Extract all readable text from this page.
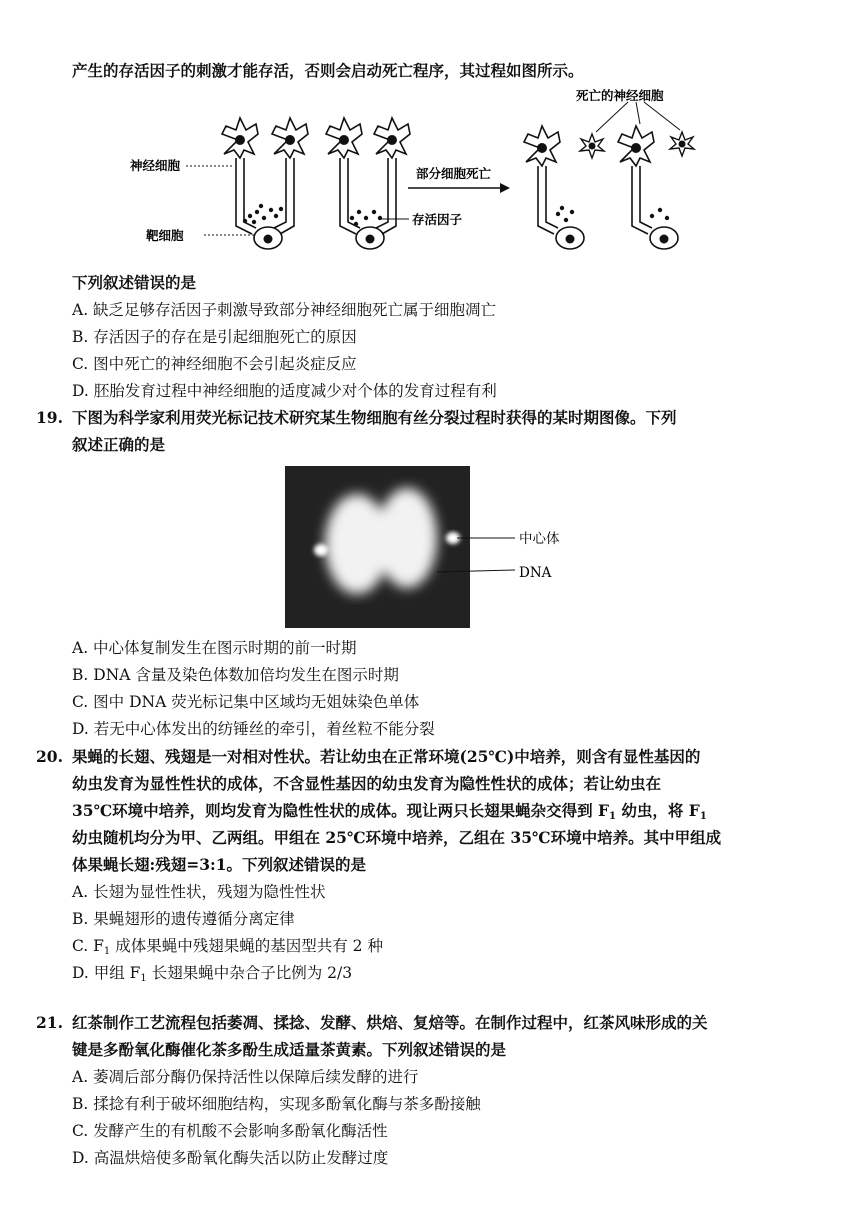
产生的存活因子的刺激才能存活，否则会启动死亡程序，其过程如图所示。
部分细胞死亡
死亡的神经细胞
神经细胞
靶细胞
存活因子
下列叙述错误的是
A. 缺乏足够存活因子刺激导致部分神经细胞死亡属于细胞凋亡
B. 存活因子的存在是引起细胞死亡的原因
C. 图中死亡的神经细胞不会引起炎症反应
D. 胚胎发育过程中神经细胞的适度减少对个体的发育过程有利
19. 下图为科学家利用荧光标记技术研究某生物细胞有丝分裂过程时获得的某时期图像。下列
叙述正确的是
中心体
DNA
A. 中心体复制发生在图示时期的前一时期
B. DNA 含量及染色体数加倍均发生在图示时期
C. 图中 DNA 荧光标记集中区域均无姐妹染色单体
D. 若无中心体发出的纺锤丝的牵引，着丝粒不能分裂
20. 果蝇的长翅、残翅是一对相对性状。若让幼虫在正常环境(25℃)中培养，则含有显性基因的
幼虫发育为显性性状的成体，不含显性基因的幼虫发育为隐性性状的成体；若让幼虫在
35℃环境中培养，则均发育为隐性性状的成体。现让两只长翅果蝇杂交得到 $F_1$ 幼虫，将 $F_1$
幼虫随机均分为甲、乙两组。甲组在 25℃环境中培养，乙组在 35℃环境中培养。其中甲组成
体果蝇长翅:残翅=3:1。下列叙述错误的是
A. 长翅为显性性状，残翅为隐性性状
B. 果蝇翅形的遗传遵循分离定律
C. $F_1$ 成体果蝇中残翅果蝇的基因型共有 2 种
D. 甲组 $F_1$ 长翅果蝇中杂合子比例为 2/3
21. 红茶制作工艺流程包括萎凋、揉捻、发酵、烘焙、复焙等。在制作过程中，红茶风味形成的关
键是多酚氧化酶催化茶多酚生成适量茶黄素。下列叙述错误的是
A. 萎凋后部分酶仍保持活性以保障后续发酵的进行
B. 揉捻有利于破坏细胞结构，实现多酚氧化酶与茶多酚接触
C. 发酵产生的有机酸不会影响多酚氧化酶活性
D. 高温烘焙使多酚氧化酶失活以防止发酵过度
